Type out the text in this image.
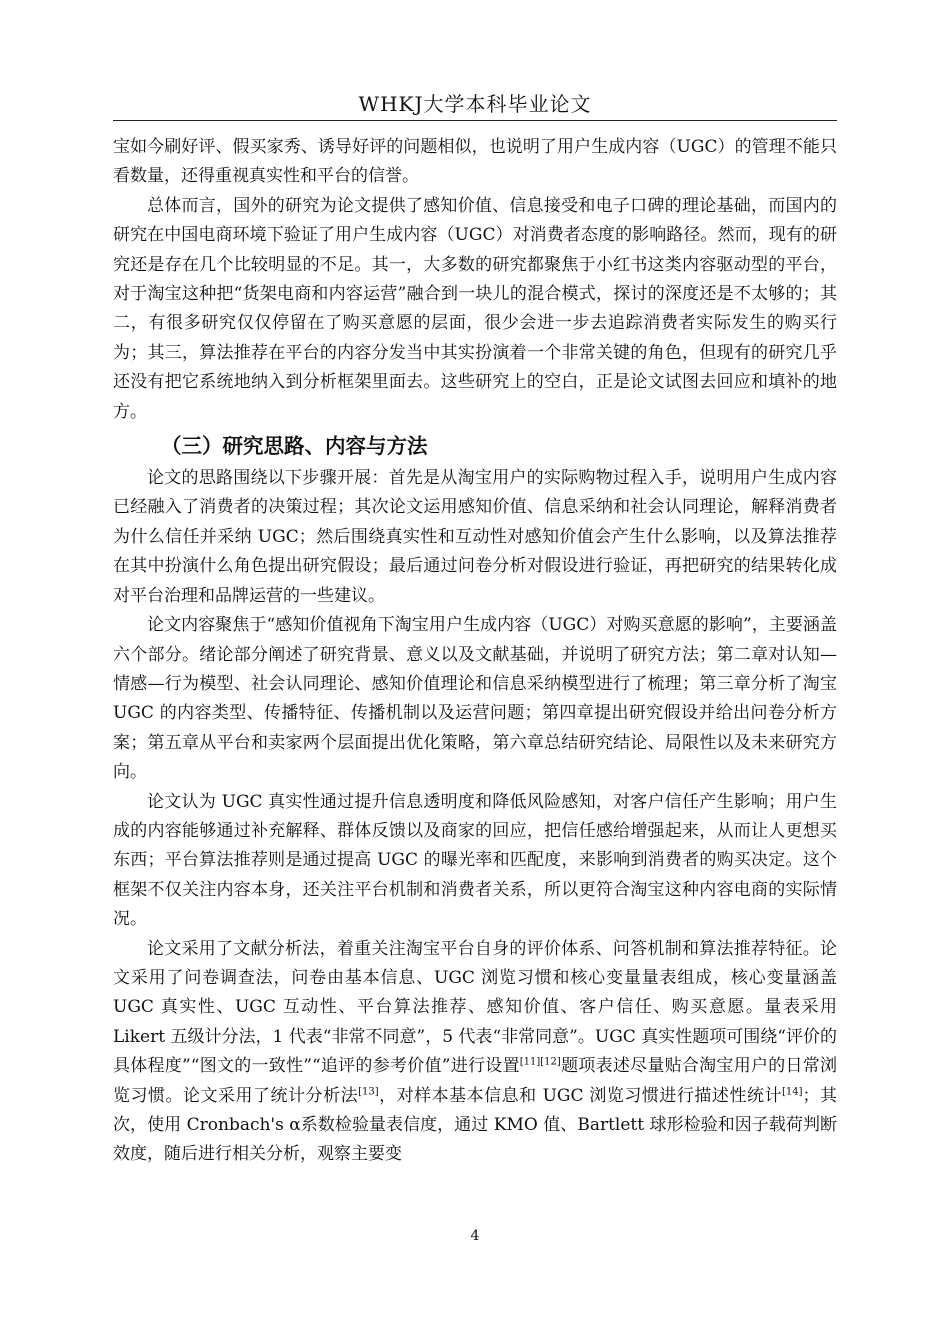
WHKJ大学本科毕业论文

宝如今刷好评、假买家秀、诱导好评的问题相似，也说明了用户生成内容（UGC）的管理不能只看数量，还得重视真实性和平台的信誉。

总体而言，国外的研究为论文提供了感知价值、信息接受和电子口碑的理论基础，而国内的研究在中国电商环境下验证了用户生成内容（UGC）对消费者态度的影响路径。然而，现有的研究还是存在几个比较明显的不足。其一，大多数的研究都聚焦于小红书这类内容驱动型的平台，对于淘宝这种把“货架电商和内容运营”融合到一块儿的混合模式，探讨的深度还是不太够的；其二，有很多研究仅仅停留在了购买意愿的层面，很少会进一步去追踪消费者实际发生的购买行为；其三，算法推荐在平台的内容分发当中其实扮演着一个非常关键的角色，但现有的研究几乎还没有把它系统地纳入到分析框架里面去。这些研究上的空白，正是论文试图去回应和填补的地方。

（三）研究思路、内容与方法

论文的思路围绕以下步骤开展：首先是从淘宝用户的实际购物过程入手，说明用户生成内容已经融入了消费者的决策过程；其次论文运用感知价值、信息采纳和社会认同理论，解释消费者为什么信任并采纳 UGC；然后围绕真实性和互动性对感知价值会产生什么影响，以及算法推荐在其中扮演什么角色提出研究假设；最后通过问卷分析对假设进行验证，再把研究的结果转化成对平台治理和品牌运营的一些建议。

论文内容聚焦于“感知价值视角下淘宝用户生成内容（UGC）对购买意愿的影响”，主要涵盖六个部分。绪论部分阐述了研究背景、意义以及文献基础，并说明了研究方法；第二章对认知—情感—行为模型、社会认同理论、感知价值理论和信息采纳模型进行了梳理；第三章分析了淘宝 UGC 的内容类型、传播特征、传播机制以及运营问题；第四章提出研究假设并给出问卷分析方案；第五章从平台和卖家两个层面提出优化策略，第六章总结研究结论、局限性以及未来研究方向。

论文认为 UGC 真实性通过提升信息透明度和降低风险感知，对客户信任产生影响；用户生成的内容能够通过补充解释、群体反馈以及商家的回应，把信任感给增强起来，从而让人更想买东西；平台算法推荐则是通过提高 UGC 的曝光率和匹配度，来影响到消费者的购买决定。这个框架不仅关注内容本身，还关注平台机制和消费者关系，所以更符合淘宝这种内容电商的实际情况。

论文采用了文献分析法，着重关注淘宝平台自身的评价体系、问答机制和算法推荐特征。论文采用了问卷调查法，问卷由基本信息、UGC 浏览习惯和核心变量量表组成，核心变量涵盖 UGC 真实性、UGC 互动性、平台算法推荐、感知价值、客户信任、购买意愿。量表采用 Likert 五级计分法，1 代表“非常不同意”，5 代表“非常同意”。UGC 真实性题项可围绕“评价的具体程度”“图文的一致性”“追评的参考价值”进行设置[11][12]题项表述尽量贴合淘宝用户的日常浏览习惯。论文采用了统计分析法[13]，对样本基本信息和 UGC 浏览习惯进行描述性统计[14]；其次，使用 Cronbach's α系数检验量表信度，通过 KMO 值、Bartlett 球形检验和因子载荷判断效度，随后进行相关分析，观察主要变

4
